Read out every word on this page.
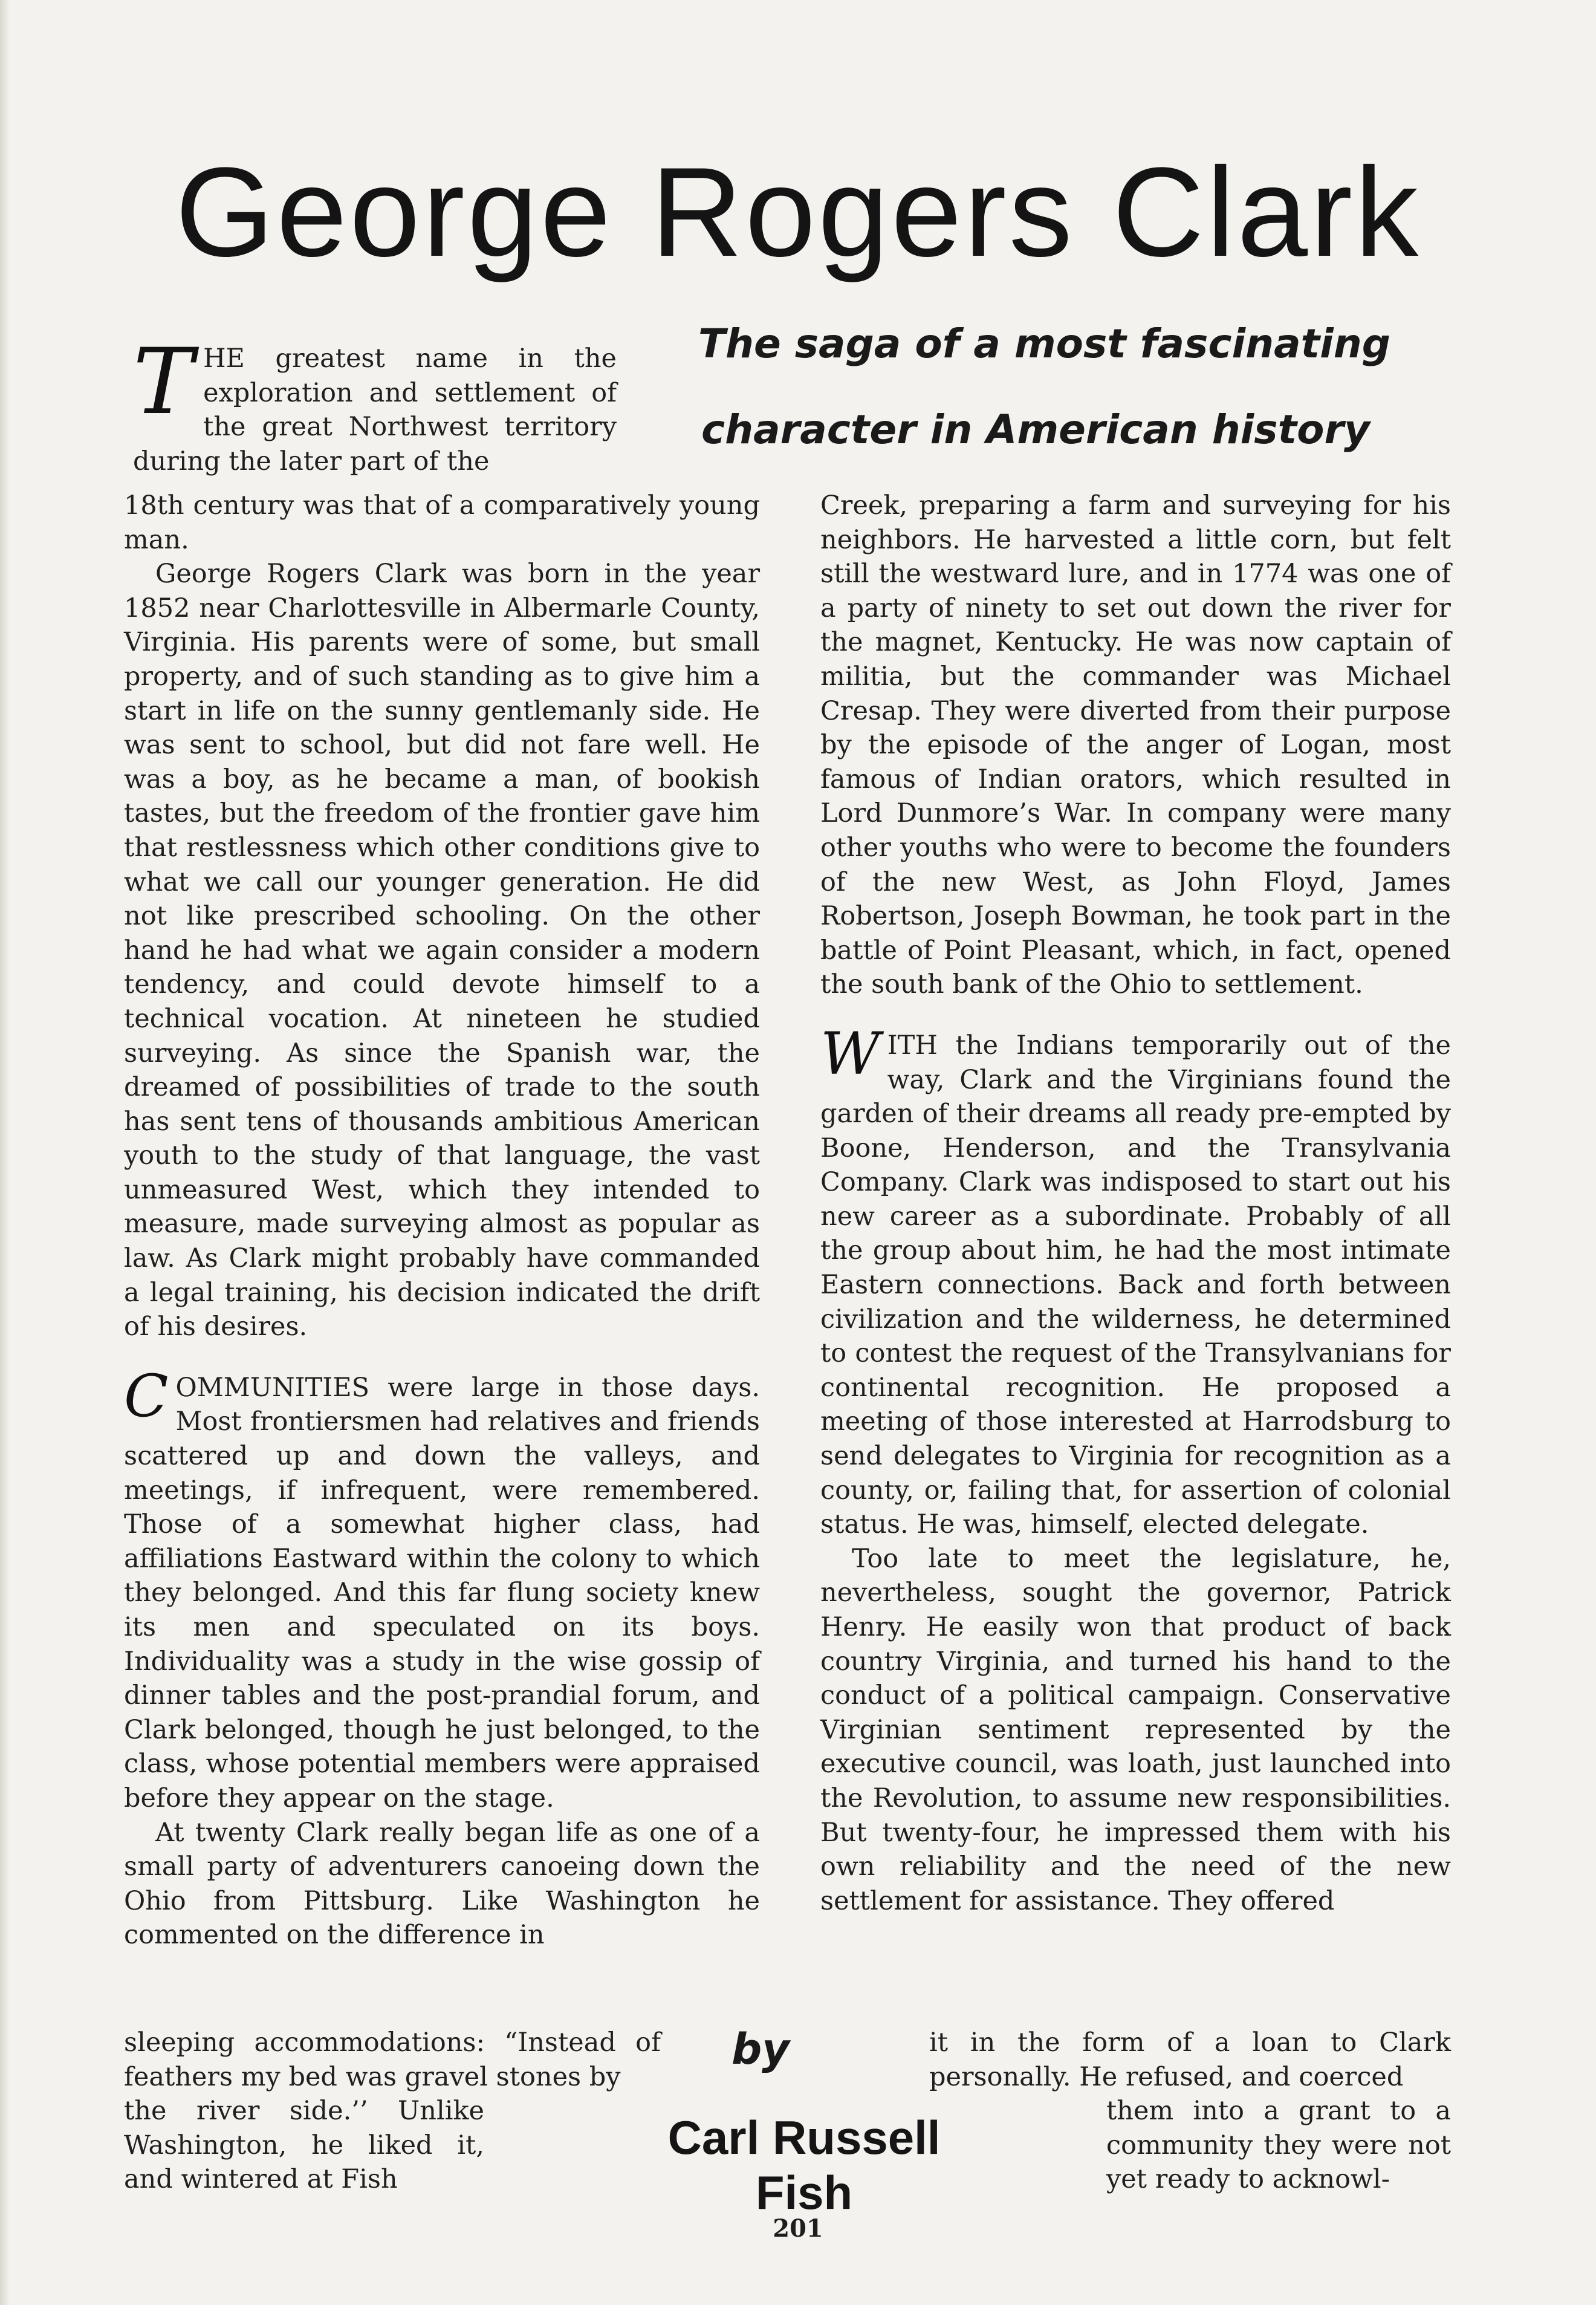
George Rogers Clark
The saga of a most fascinating
character in American history

THE greatest name in the exploration and settlement of the great Northwest territory during the later part of the

18th century was that of a comparatively young man.

George Rogers Clark was born in the year 1852 near Charlottesville in Albermarle County, Virginia. His parents were of some, but small property, and of such standing as to give him a start in life on the sunny gentlemanly side. He was sent to school, but did not fare well. He was a boy, as he became a man, of bookish tastes, but the freedom of the frontier gave him that restlessness which other conditions give to what we call our younger generation. He did not like prescribed schooling. On the other hand he had what we again consider a modern tendency, and could devote himself to a technical vocation. At nineteen he studied surveying. As since the Spanish war, the dreamed of possibilities of trade to the south has sent tens of thousands ambitious American youth to the study of that language, the vast unmeasured West, which they intended to measure, made surveying almost as popular as law. As Clark might probably have commanded a legal training, his decision indicated the drift of his desires.

COMMUNITIES were large in those days. Most frontiersmen had relatives and friends scattered up and down the valleys, and meetings, if infrequent, were remembered. Those of a somewhat higher class, had affiliations Eastward within the colony to which they belonged. And this far flung society knew its men and speculated on its boys. Individuality was a study in the wise gossip of dinner tables and the post-prandial forum, and Clark belonged, though he just belonged, to the class, whose potential members were appraised before they appear on the stage.

At twenty Clark really began life as one of a small party of adventurers canoeing down the Ohio from Pittsburg. Like Washington he commented on the difference in

sleeping accommodations: “Instead of feathers my bed was gravel stones by

the river side.’’ Unlike Washington, he liked it, and wintered at Fish

Creek, preparing a farm and surveying for his neighbors. He harvested a little corn, but felt still the westward lure, and in 1774 was one of a party of ninety to set out down the river for the magnet, Kentucky. He was now captain of militia, but the commander was Michael Cresap. They were diverted from their purpose by the episode of the anger of Logan, most famous of Indian orators, which resulted in Lord Dunmore’s War. In company were many other youths who were to become the founders of the new West, as John Floyd, James Robertson, Joseph Bowman, he took part in the battle of Point Pleasant, which, in fact, opened the south bank of the Ohio to settlement.

WITH the Indians temporarily out of the way, Clark and the Virginians found the garden of their dreams all ready pre-empted by Boone, Henderson, and the Transylvania Company. Clark was indisposed to start out his new career as a subordinate. Probably of all the group about him, he had the most intimate Eastern connections. Back and forth between civilization and the wilderness, he determined to contest the request of the Transylvanians for continental recognition. He proposed a meeting of those interested at Harrodsburg to send delegates to Virginia for recognition as a county, or, failing that, for assertion of colonial status. He was, himself, elected delegate.

Too late to meet the legislature, he, nevertheless, sought the governor, Patrick Henry. He easily won that product of back country Virginia, and turned his hand to the conduct of a political campaign. Conservative Virginian sentiment represented by the executive council, was loath, just launched into the Revolution, to assume new responsibilities. But twenty-four, he impressed them with his own reliability and the need of the new settlement for assistance. They offered

it in the form of a loan to Clark personally. He refused, and coerced

them into a grant to a community they were not yet ready to acknowl-

by
Carl Russell Fish
201
